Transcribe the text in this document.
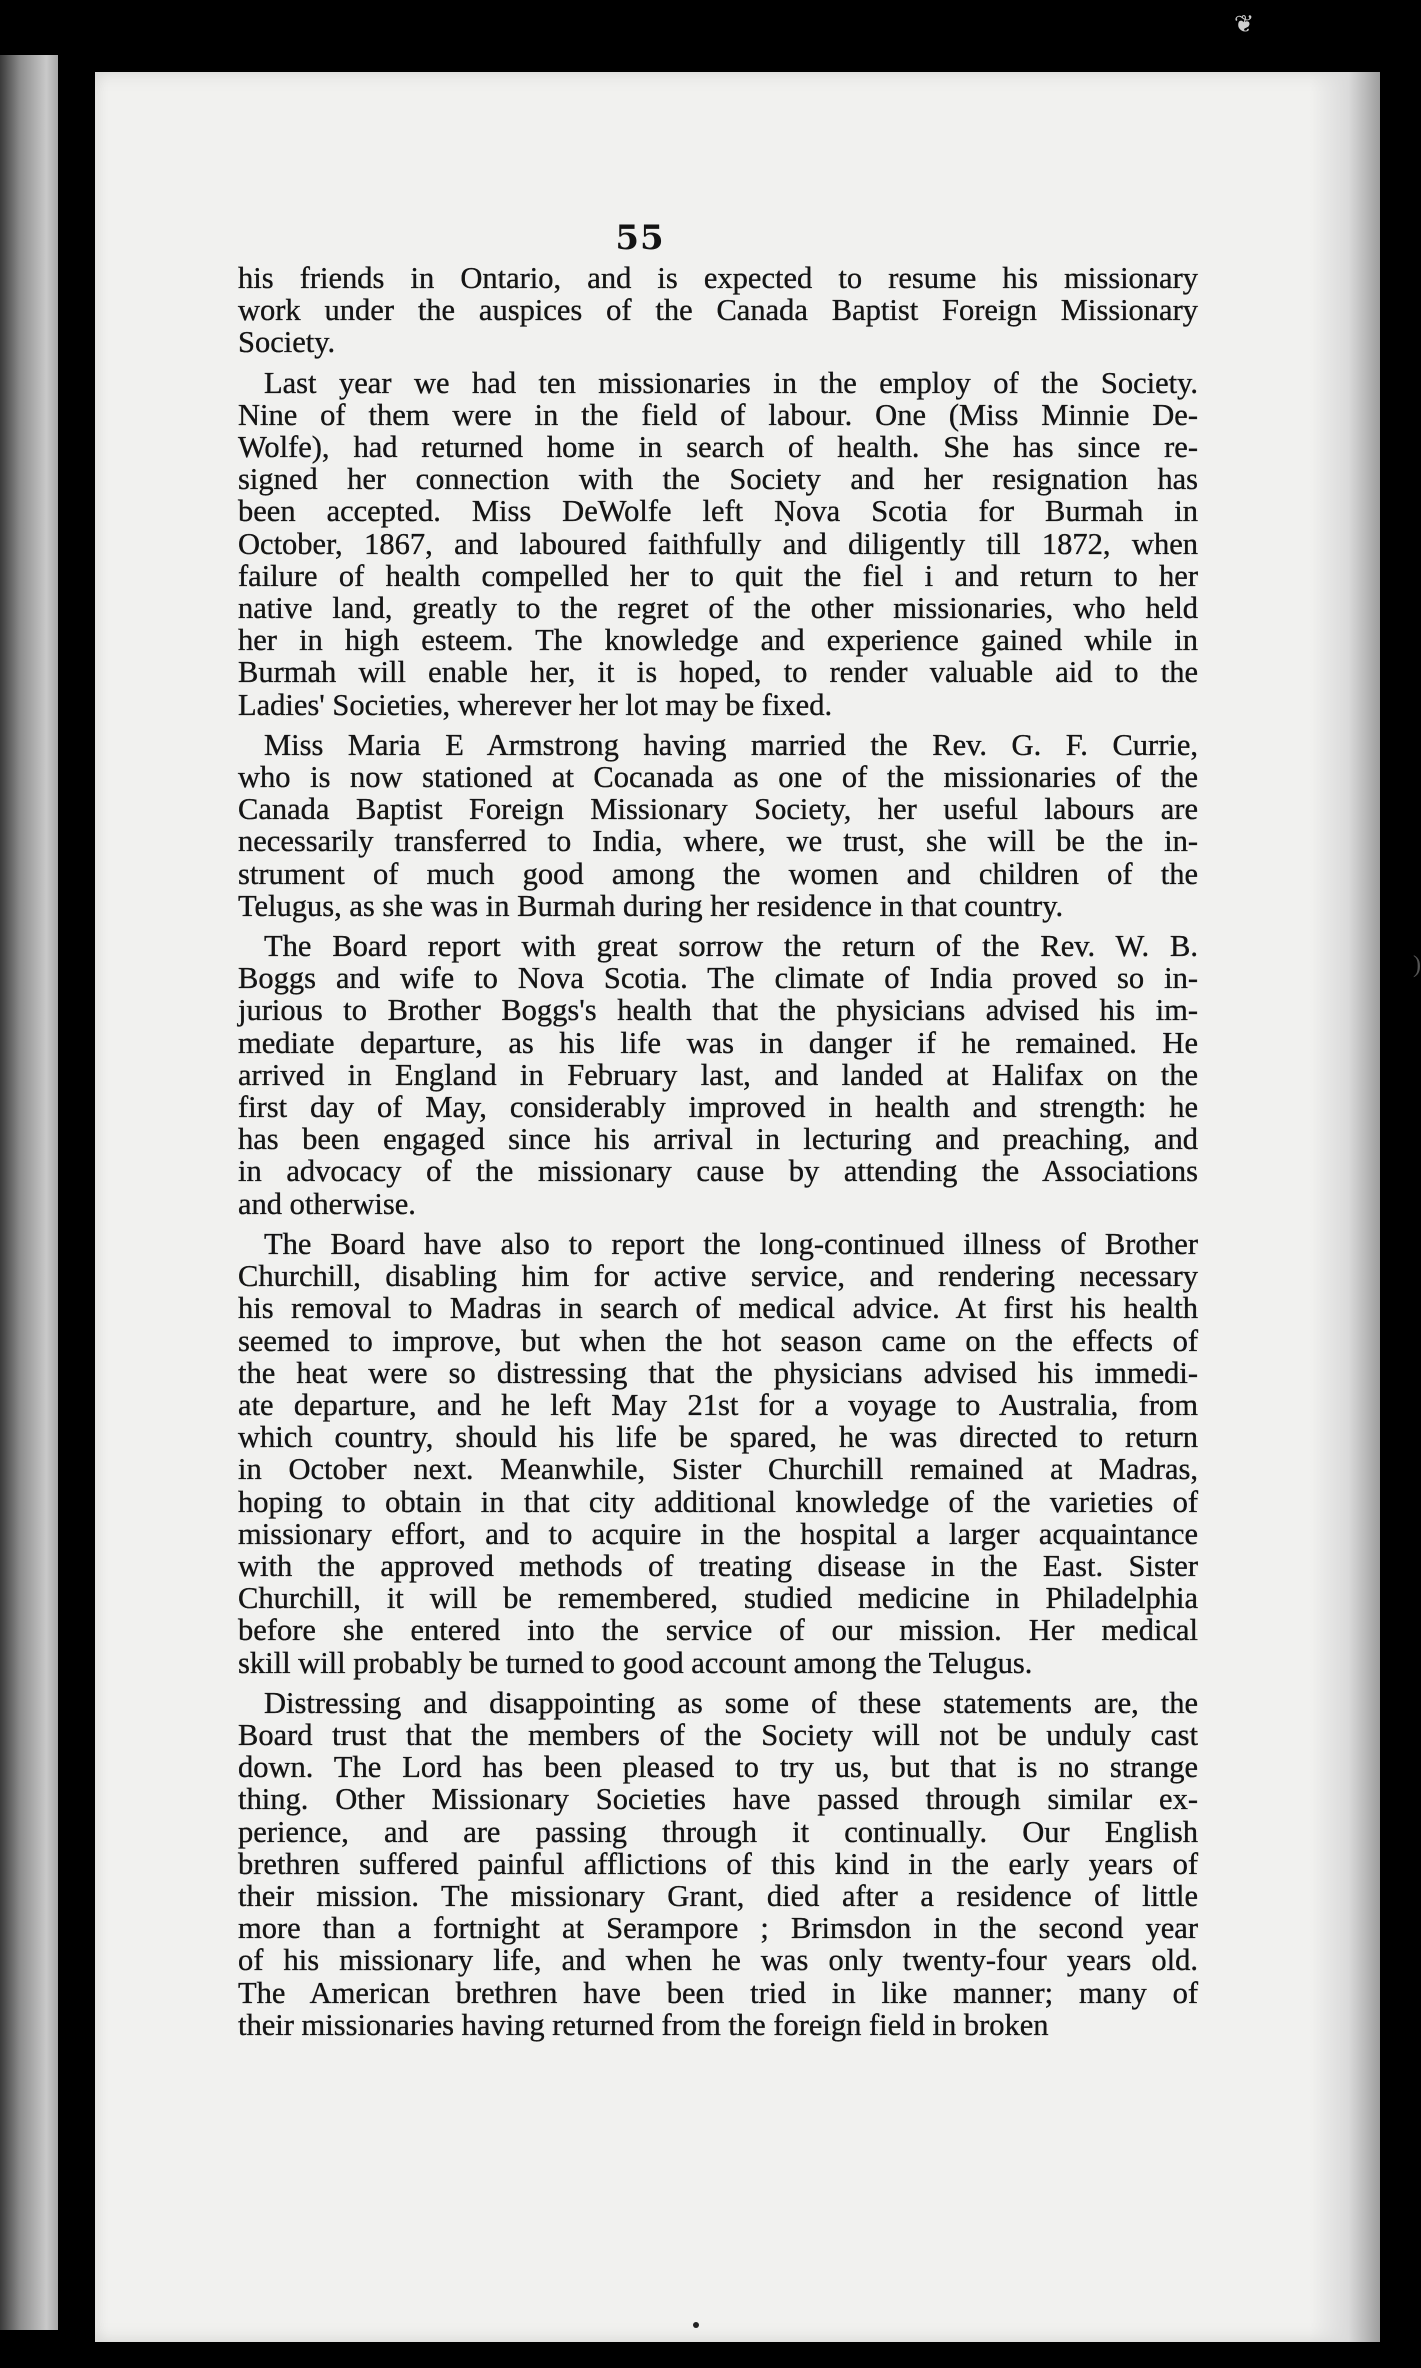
❦
)
55
his friends in Ontario, and is expected to resume his missionary
work under the auspices of the Canada Baptist Foreign Missionary
Society.
Last year we had ten missionaries in the employ of the Society.
Nine of them were in the field of labour. One (Miss Minnie De-
Wolfe), had returned home in search of health. She has since re-
signed her connection with the Society and her resignation has
been accepted. Miss DeWolfe left Nova Scotia for Burmah in
October, 1867, and laboured faithfully and diligently till 1872, when
failure of health compelled her to quit the fiel i and return to her
native land, greatly to the regret of the other missionaries, who held
her in high esteem. The knowledge and experience gained while in
Burmah will enable her, it is hoped, to render valuable aid to the
Ladies' Societies, wherever her lot may be fixed.
Miss Maria E Armstrong having married the Rev. G. F. Currie,
who is now stationed at Cocanada as one of the missionaries of the
Canada Baptist Foreign Missionary Society, her useful labours are
necessarily transferred to India, where, we trust, she will be the in-
strument of much good among the women and children of the
Telugus, as she was in Burmah during her residence in that country.
The Board report with great sorrow the return of the Rev. W. B.
Boggs and wife to Nova Scotia. The climate of India proved so in-
jurious to Brother Boggs's health that the physicians advised his im-
mediate departure, as his life was in danger if he remained. He
arrived in England in February last, and landed at Halifax on the
first day of May, considerably improved in health and strength: he
has been engaged since his arrival in lecturing and preaching, and
in advocacy of the missionary cause by attending the Associations
and otherwise.
The Board have also to report the long-continued illness of Brother
Churchill, disabling him for active service, and rendering necessary
his removal to Madras in search of medical advice. At first his health
seemed to improve, but when the hot season came on the effects of
the heat were so distressing that the physicians advised his immedi-
ate departure, and he left May 21st for a voyage to Australia, from
which country, should his life be spared, he was directed to return
in October next. Meanwhile, Sister Churchill remained at Madras,
hoping to obtain in that city additional knowledge of the varieties of
missionary effort, and to acquire in the hospital a larger acquaintance
with the approved methods of treating disease in the East. Sister
Churchill, it will be remembered, studied medicine in Philadelphia
before she entered into the service of our mission. Her medical
skill will probably be turned to good account among the Telugus.
Distressing and disappointing as some of these statements are, the
Board trust that the members of the Society will not be unduly cast
down. The Lord has been pleased to try us, but that is no strange
thing. Other Missionary Societies have passed through similar ex-
perience, and are passing through it continually. Our English
brethren suffered painful afflictions of this kind in the early years of
their mission. The missionary Grant, died after a residence of little
more than a fortnight at Serampore ; Brimsdon in the second year
of his missionary life, and when he was only twenty-four years old.
The American brethren have been tried in like manner; many of
their missionaries having returned from the foreign field in broken
